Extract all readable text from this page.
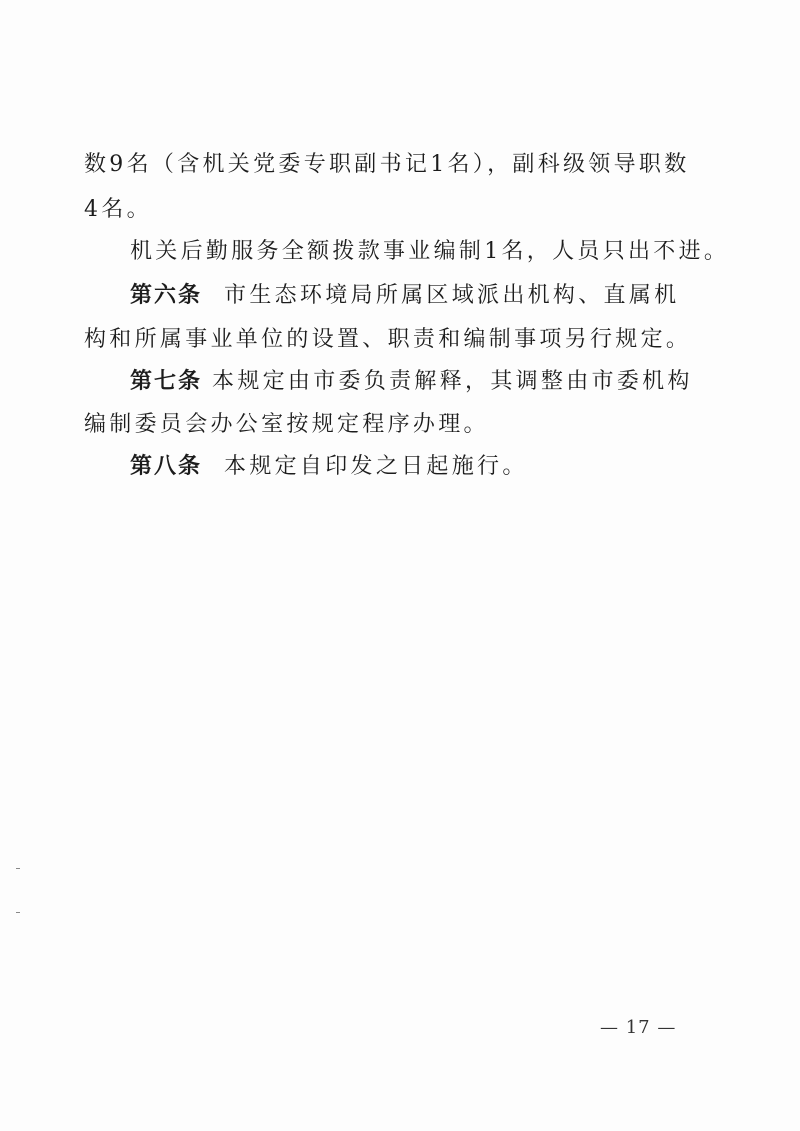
数9名（含机关党委专职副书记1名），副科级领导职数
4名。
机关后勤服务全额拨款事业编制1名，人员只出不进。
第六条 市生态环境局所属区域派出机构、直属机
构和所属事业单位的设置、职责和编制事项另行规定。
第七条 本规定由市委负责解释，其调整由市委机构
编制委员会办公室按规定程序办理。
第八条 本规定自印发之日起施行。
— 17 —
